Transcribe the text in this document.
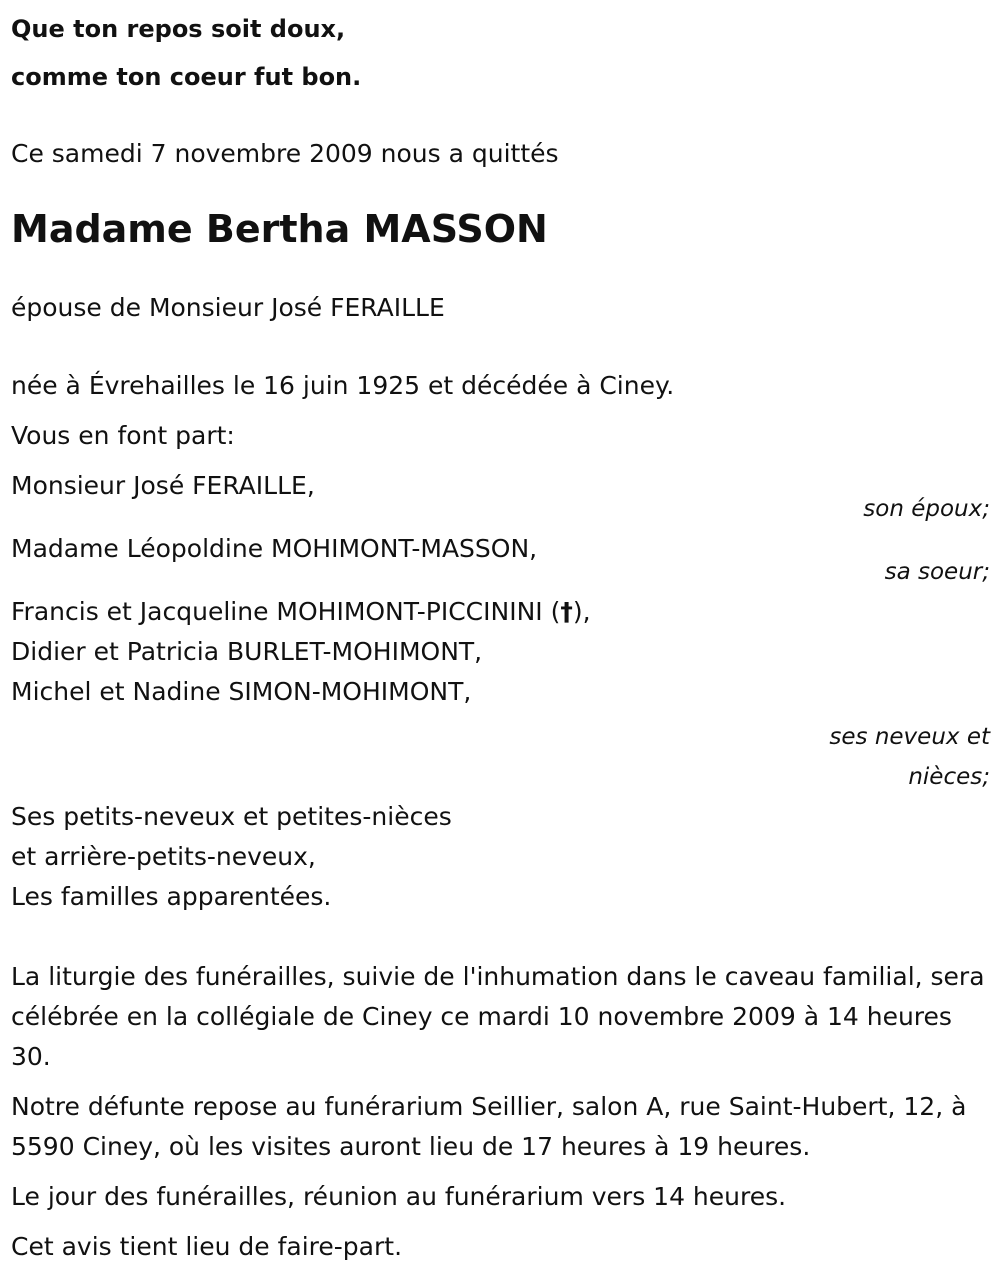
Que ton repos soit doux,

comme ton coeur fut bon.

Ce samedi 7 novembre 2009 nous a quittés

Madame Bertha MASSON

épouse de Monsieur José FERAILLE

née à Évrehailles le 16 juin 1925 et décédée à Ciney.

Vous en font part:

Monsieur José FERAILLE,

son époux;

Madame Léopoldine MOHIMONT-MASSON,

sa soeur;

Francis et Jacqueline MOHIMONT-PICCININI (†),

Didier et Patricia BURLET-MOHIMONT,

Michel et Nadine SIMON-MOHIMONT,

ses neveux et

nièces;

Ses petits-neveux et petites-nièces

et arrière-petits-neveux,

Les familles apparentées.

La liturgie des funérailles, suivie de l'inhumation dans le caveau familial, sera célébrée en la collégiale de Ciney ce mardi 10 novembre 2009 à 14 heures 30.

Notre défunte repose au funérarium Seillier, salon A, rue Saint-Hubert, 12, à 5590 Ciney, où les visites auront lieu de 17 heures à 19 heures.

Le jour des funérailles, réunion au funérarium vers 14 heures.

Cet avis tient lieu de faire-part.
